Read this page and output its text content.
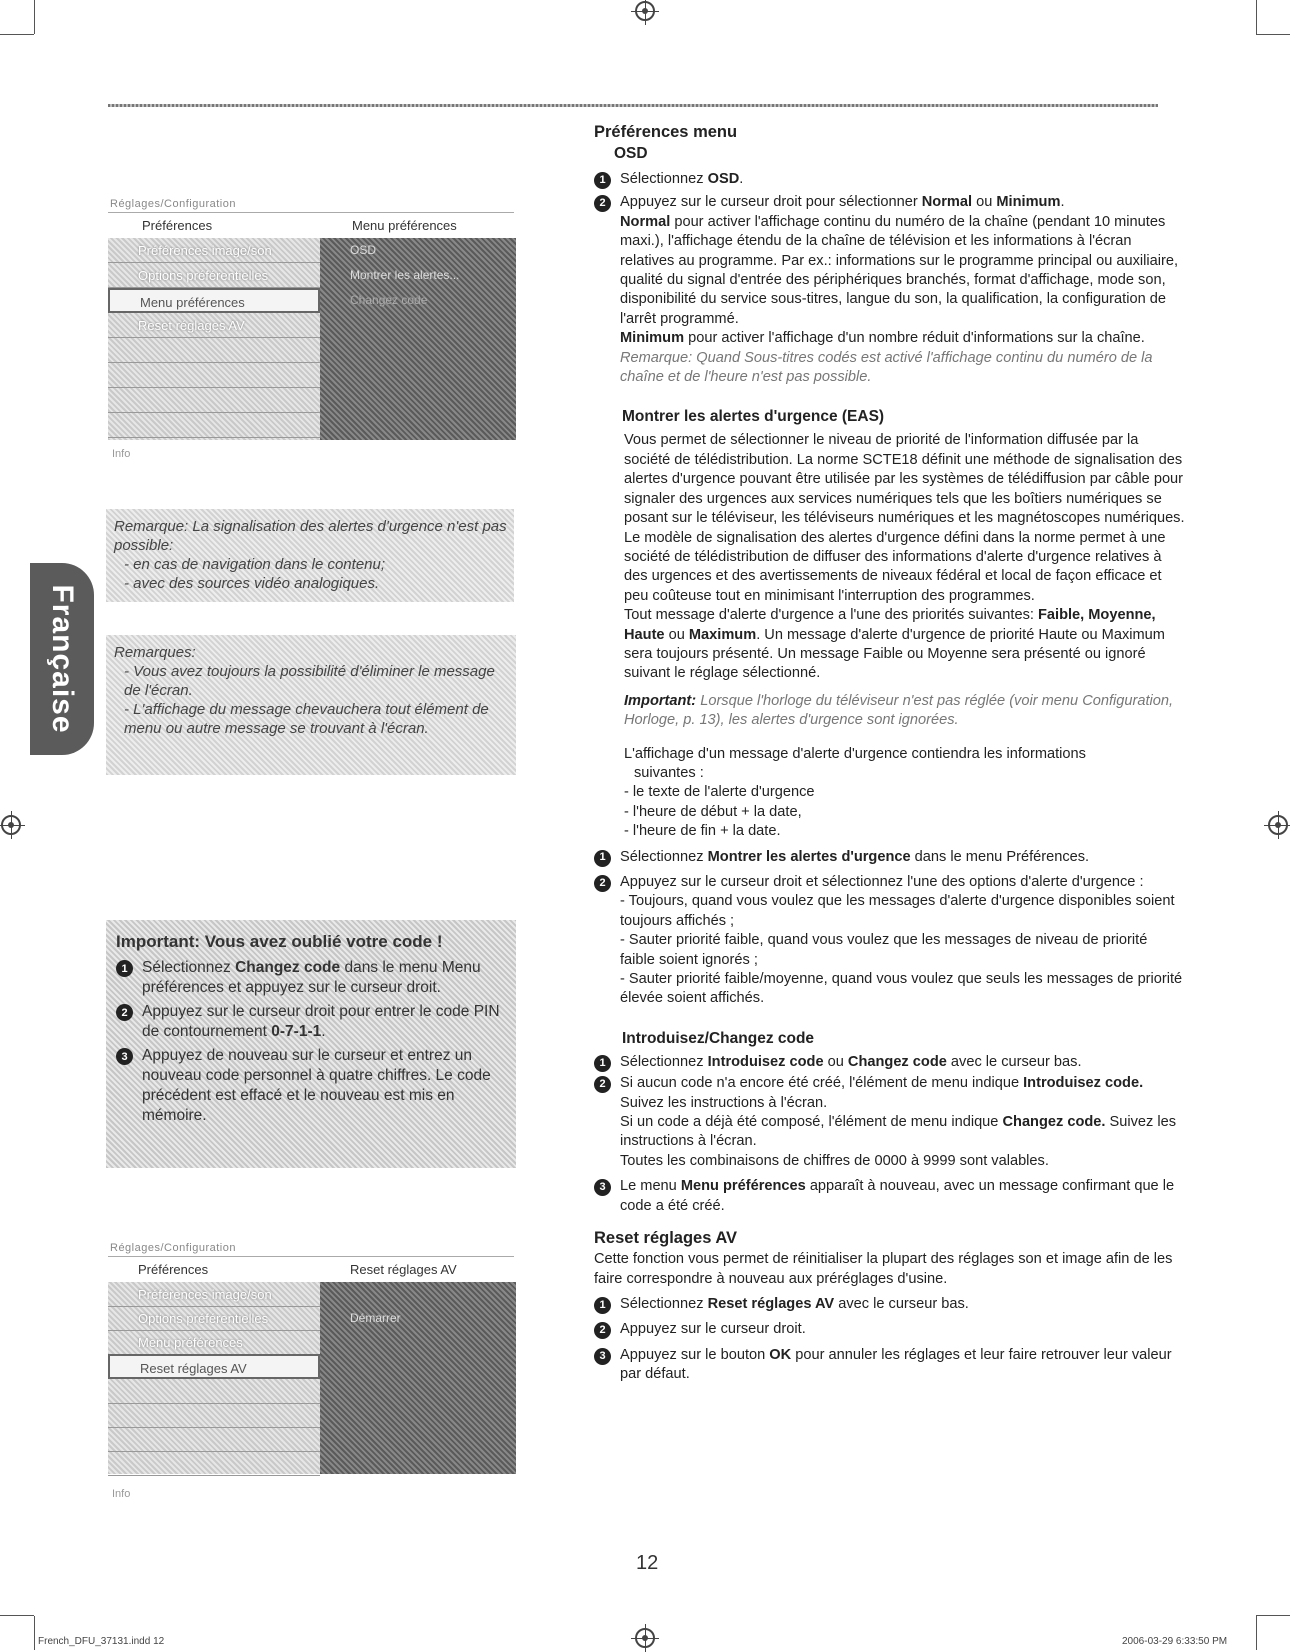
Réglages/Configuration
Préférences	Menu préférences
Préférences image/son
Options préférentielles
Menu préférences
Reset réglages AV
OSD
Montrer les alertes...
Changez code
Info
Remarque: La signalisation des alertes d'urgence n'est pas possible:
- en cas de navigation dans le contenu;
- avec des sources vidéo analogiques.
Française Remarques:
- Vous avez toujours la possibilité d'éliminer le message de l'écran.
- L'affichage du message chevauchera tout élément de menu ou autre message se trouvant à l'écran.
Important: Vous avez oublié votre code !
1 Sélectionnez Changez code dans le menu Menu préférences et appuyez sur le curseur droit.
2 Appuyez sur le curseur droit pour entrer le code PIN de contournement 0-7-1-1.
3 Appuyez de nouveau sur le curseur et entrez un nouveau code personnel à quatre chiffres. Le code précédent est effacé et le nouveau est mis en mémoire.
Réglages/Configuration
Préférences	Reset réglages AV
Préférences image/son
Options préférentielles
Menu préférences
Reset réglages AV
Démarrer
Info
Préférences menu
OSD
1 Sélectionnez OSD.
2 Appuyez sur le curseur droit pour sélectionner Normal ou Minimum.
Normal pour activer l'affichage continu du numéro de la chaîne (pendant 10 minutes maxi.), l'affichage étendu de la chaîne de télévision et les informations à l'écran relatives au programme. Par ex.: informations sur le programme principal ou auxiliaire, qualité du signal d'entrée des périphériques branchés, format d'affichage, mode son, disponibilité du service sous-titres, langue du son, la qualification, la configuration de l'arrêt programmé.
Minimum pour activer l'affichage d'un nombre réduit d'informations sur la chaîne.
Remarque: Quand Sous-titres codés est activé l'affichage continu du numéro de la chaîne et de l'heure n'est pas possible.
Montrer les alertes d'urgence (EAS)
Vous permet de sélectionner le niveau de priorité de l'information diffusée par la société de télédistribution. La norme SCTE18 définit une méthode de signalisation des alertes d'urgence pouvant être utilisée par les systèmes de télédiffusion par câble pour signaler des urgences aux services numériques tels que les boîtiers numériques se posant sur le téléviseur, les téléviseurs numériques et les magnétoscopes numériques.
Le modèle de signalisation des alertes d'urgence défini dans la norme permet à une société de télédistribution de diffuser des informations d'alerte d'urgence relatives à des urgences et des avertissements de niveaux fédéral et local de façon efficace et peu coûteuse tout en minimisant l'interruption des programmes.
Tout message d'alerte d'urgence a l'une des priorités suivantes: Faible, Moyenne, Haute ou Maximum. Un message d'alerte d'urgence de priorité Haute ou Maximum sera toujours présenté. Un message Faible ou Moyenne sera présenté ou ignoré suivant le réglage sélectionné.
Important: Lorsque l'horloge du téléviseur n'est pas réglée (voir menu Configuration, Horloge, p. 13), les alertes d'urgence sont ignorées.
L'affichage d'un message d'alerte d'urgence contiendra les informations
suivantes :
- le texte de l'alerte d'urgence
- l'heure de début + la date,
- l'heure de fin + la date.
1 Sélectionnez Montrer les alertes d'urgence dans le menu Préférences.
2 Appuyez sur le curseur droit et sélectionnez l'une des options d'alerte d'urgence :
- Toujours, quand vous voulez que les messages d'alerte d'urgence disponibles soient toujours affichés ;
- Sauter priorité faible, quand vous voulez que les messages de niveau de priorité faible soient ignorés ;
- Sauter priorité faible/moyenne, quand vous voulez que seuls les messages de priorité élevée soient affichés.
Introduisez/Changez code
1 Sélectionnez Introduisez code ou Changez code avec le curseur bas.
2 Si aucun code n'a encore été créé, l'élément de menu indique Introduisez code. Suivez les instructions à l'écran.
Si un code a déjà été composé, l'élément de menu indique Changez code. Suivez les instructions à l'écran.
Toutes les combinaisons de chiffres de 0000 à 9999 sont valables.
3 Le menu Menu préférences apparaît à nouveau, avec un message confirmant que le code a été créé.
Reset réglages AV
Cette fonction vous permet de réinitialiser la plupart des réglages son et image afin de les faire correspondre à nouveau aux préréglages d'usine.
1 Sélectionnez Reset réglages AV avec le curseur bas.
2 Appuyez sur le curseur droit.
3 Appuyez sur le bouton OK pour annuler les réglages et leur faire retrouver leur valeur par défaut.
12
French_DFU_37131.indd 12	2006-03-29 6:33:50 PM
